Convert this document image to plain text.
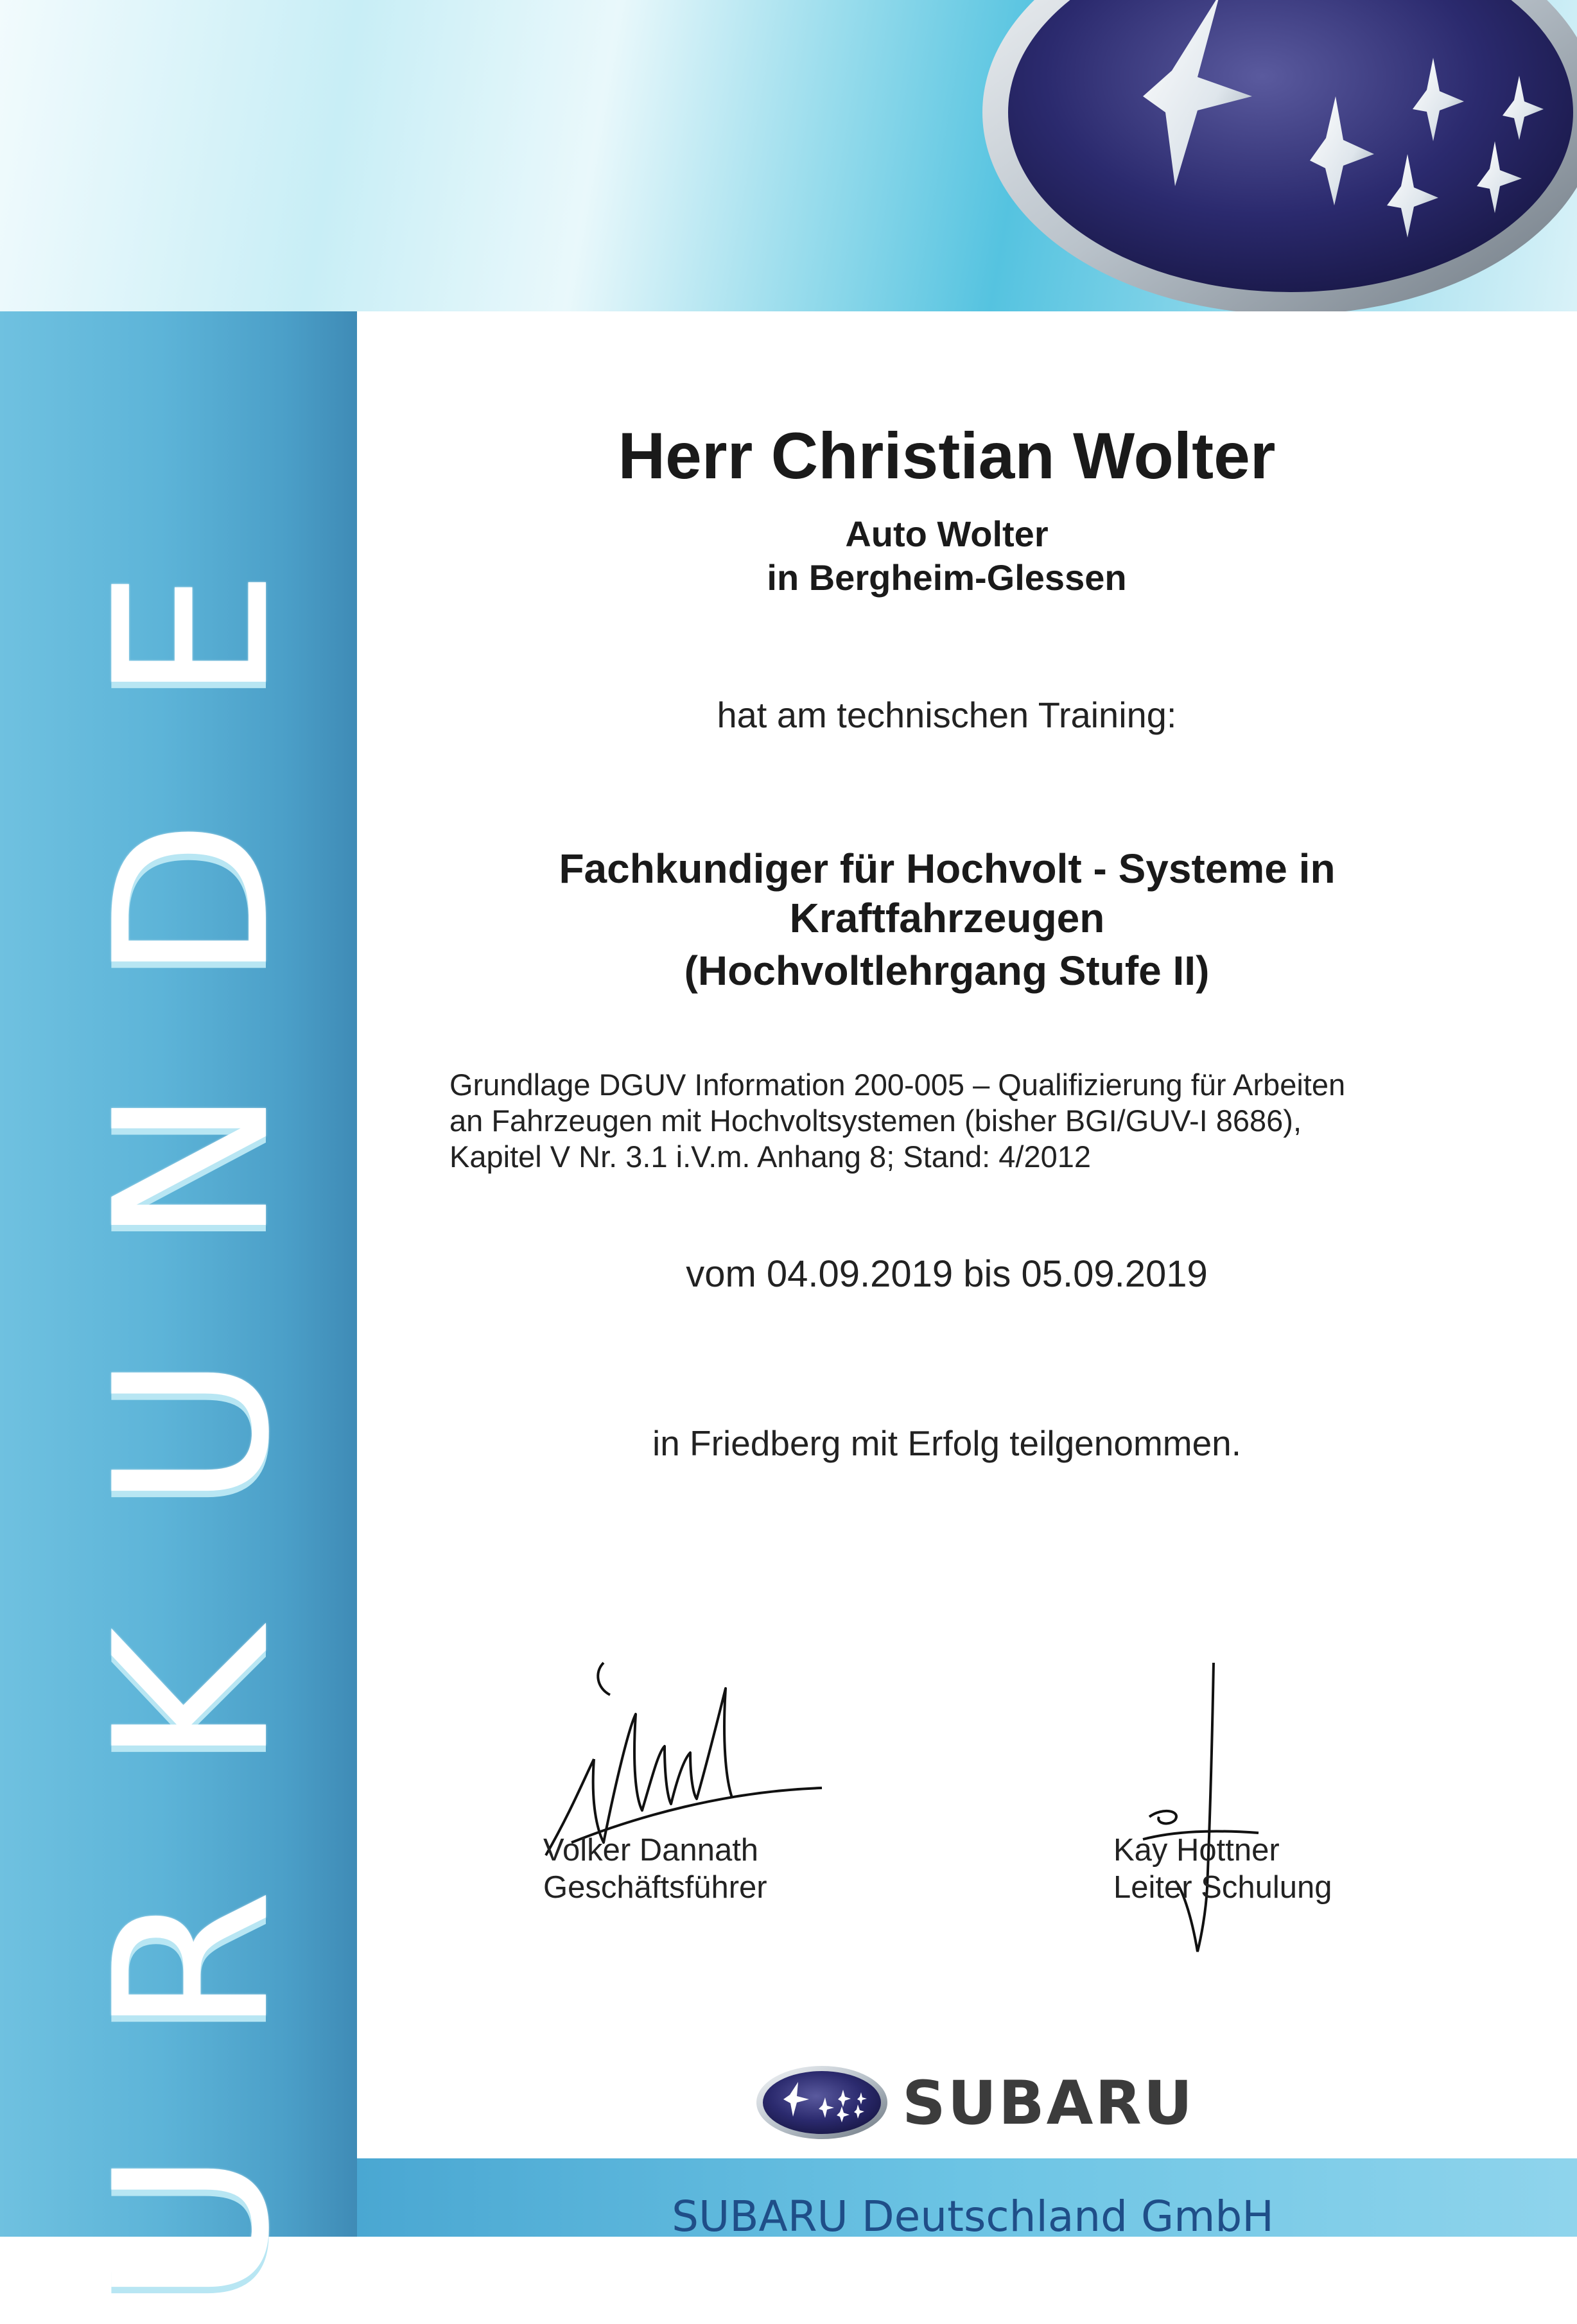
E
D
N
U
K
R
U
Herr Christian Wolter
Auto Wolter
in Bergheim-Glessen
hat am technischen Training:
Fachkundiger für Hochvolt - Systeme in Kraftfahrzeugen
(Hochvoltlehrgang Stufe II)
Grundlage DGUV Information 200-005 – Qualifizierung für Arbeiten
an Fahrzeugen mit Hochvoltsystemen (bisher BGI/GUV-I 8686),
Kapitel V Nr. 3.1 i.V.m. Anhang 8; Stand: 4/2012
vom 04.09.2019 bis 05.09.2019
in Friedberg mit Erfolg teilgenommen.
Volker Dannath
Geschäftsführer
Kay Hottner
Leiter Schulung
SUBARU
SUBARU Deutschland GmbH
